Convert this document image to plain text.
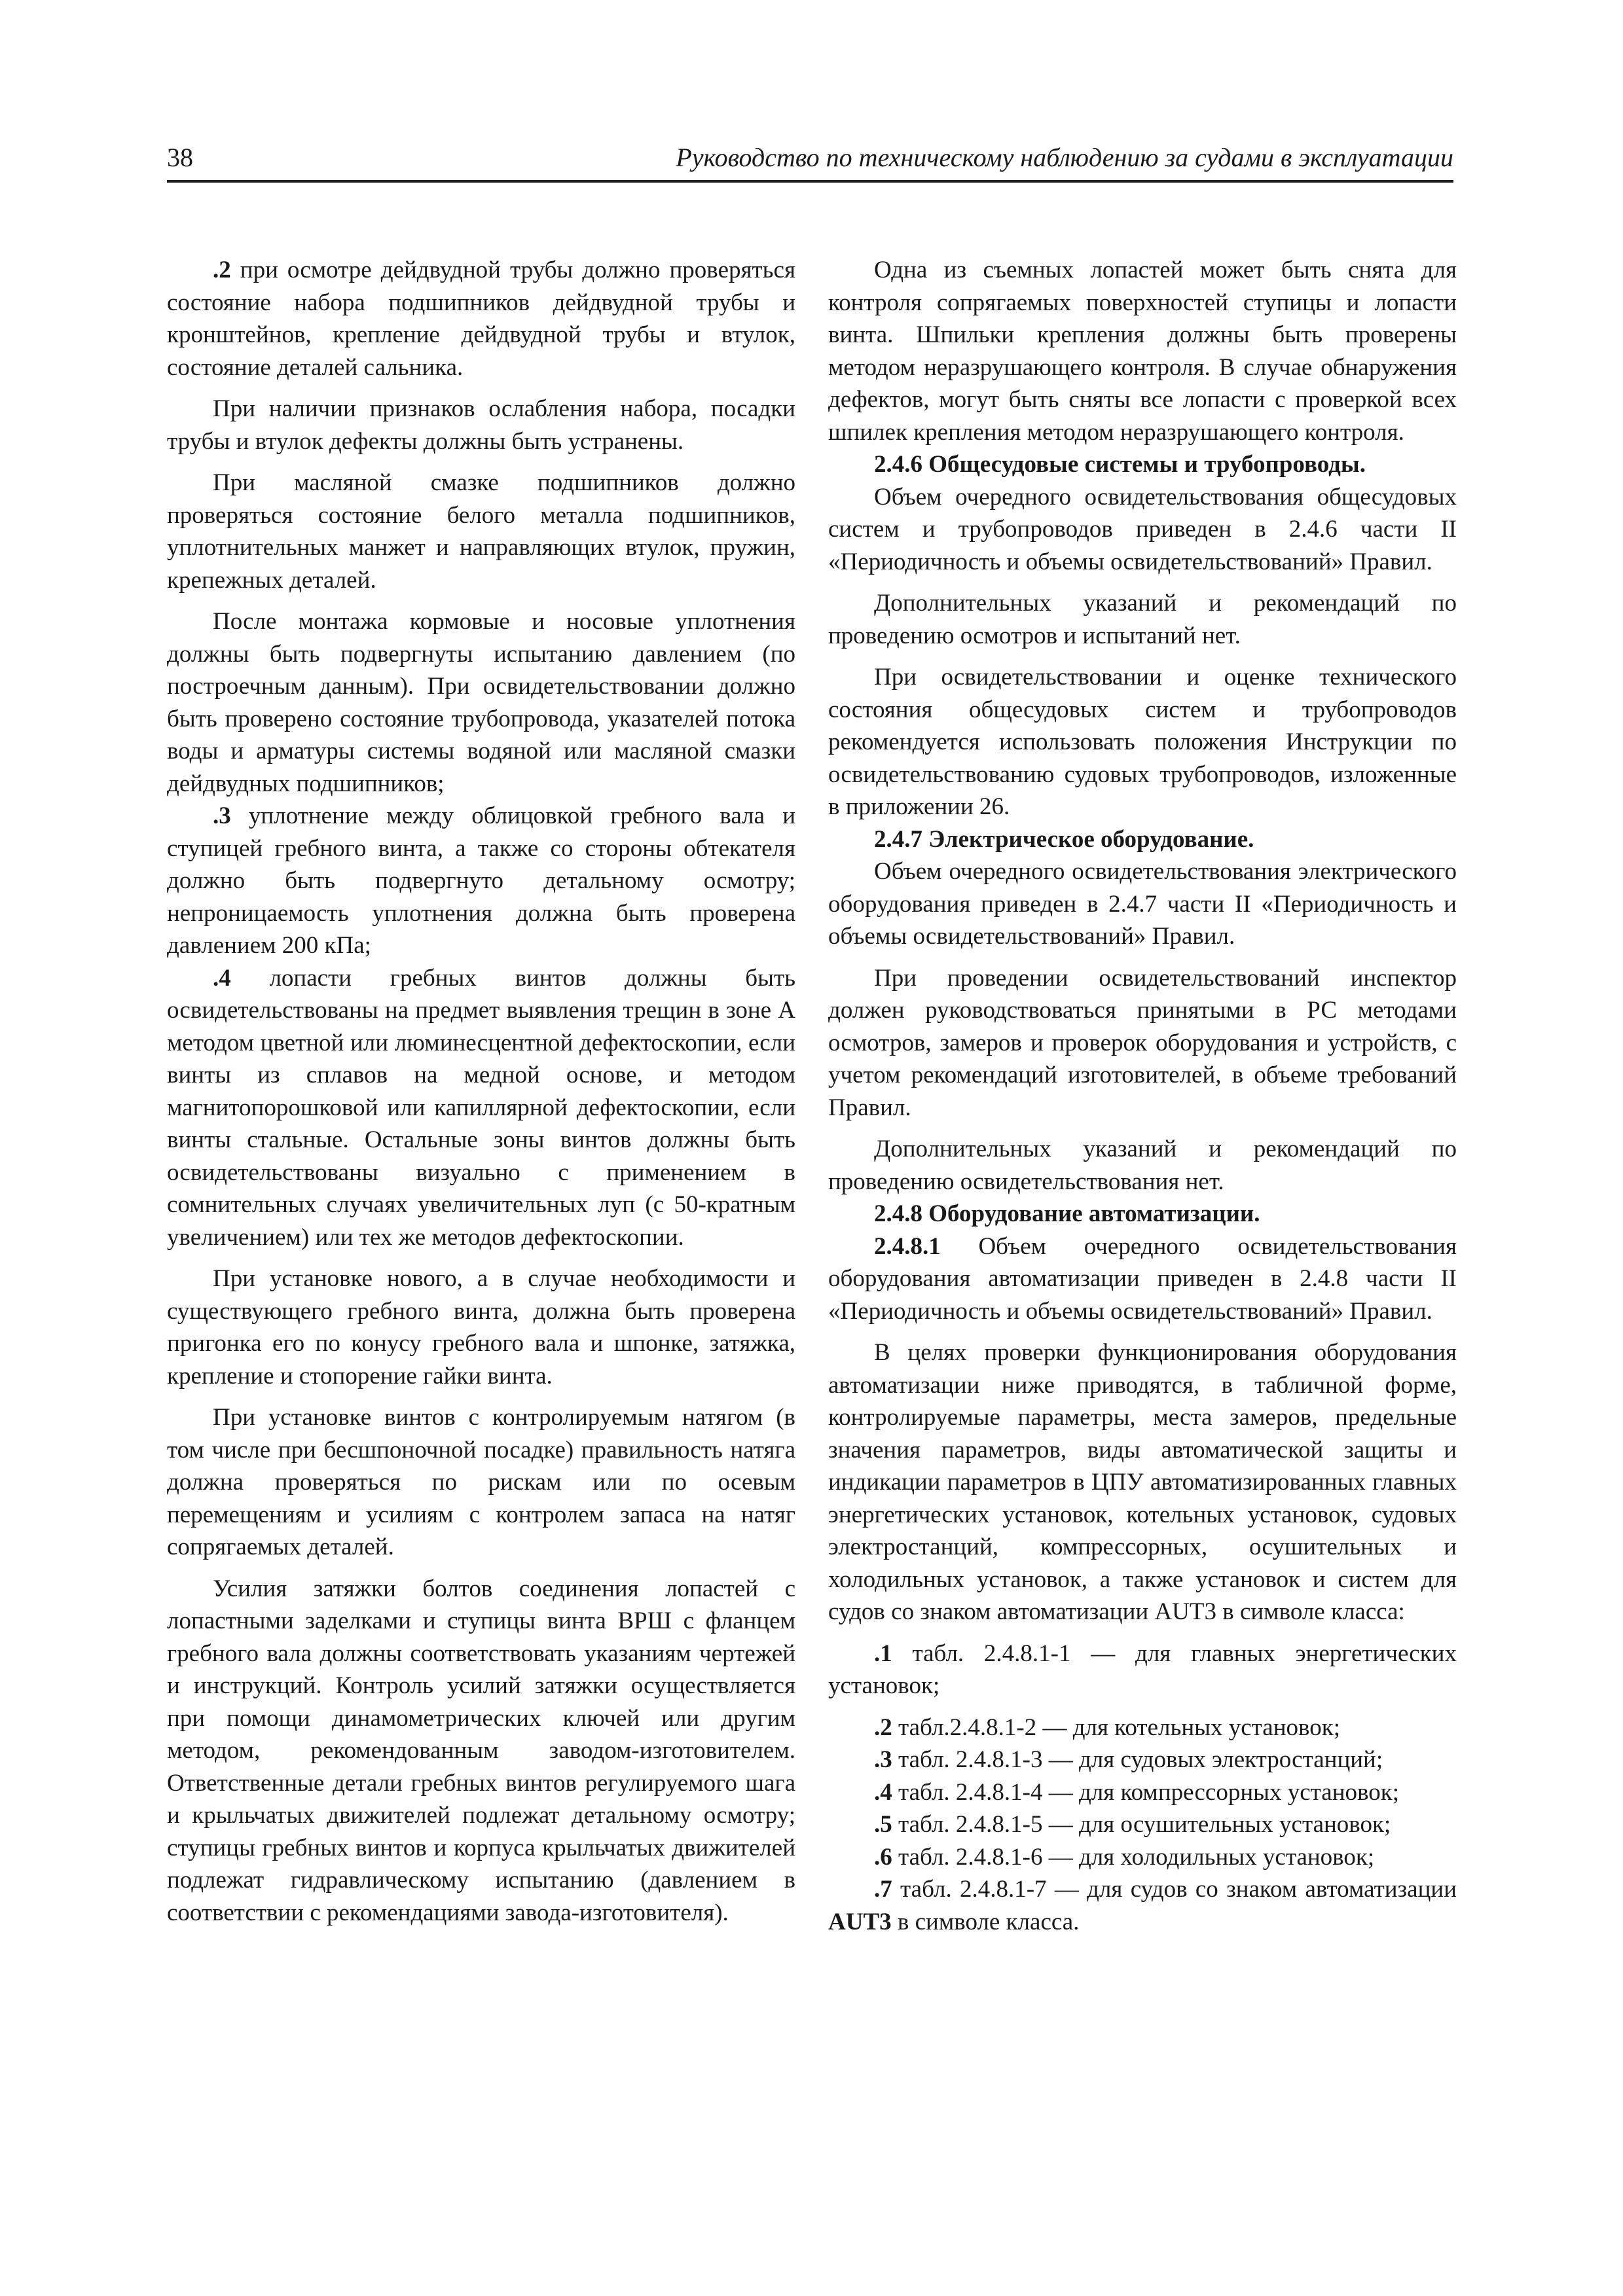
38	Руководство по техническому наблюдению за судами в эксплуатации

.2 при осмотре дейдвудной трубы должно проверяться состояние набора подшипников дейдвудной трубы и кронштейнов, крепление дейдвудной трубы и втулок, состояние деталей сальника.

При наличии признаков ослабления набора, посадки трубы и втулок дефекты должны быть устранены.

При масляной смазке подшипников должно проверяться состояние белого металла подшипников, уплотнительных манжет и направляющих втулок, пружин, крепежных деталей.

После монтажа кормовые и носовые уплотнения должны быть подвергнуты испытанию давлением (по построечным данным). При освидетельствовании должно быть проверено состояние трубопровода, указателей потока воды и арматуры системы водяной или масляной смазки дейдвудных подшипников;

.3 уплотнение между облицовкой гребного вала и ступицей гребного винта, а также со стороны обтекателя должно быть подвергнуто детальному осмотру; непроницаемость уплотнения должна быть проверена давлением 200 кПа;

.4 лопасти гребных винтов должны быть освидетельствованы на предмет выявления трещин в зоне А методом цветной или люминесцентной дефектоскопии, если винты из сплавов на медной основе, и методом магнитопорошковой или капиллярной дефектоскопии, если винты стальные. Остальные зоны винтов должны быть освидетельствованы визуально с применением в сомнительных случаях увеличительных луп (с 50-кратным увеличением) или тех же методов дефектоскопии.

При установке нового, а в случае необходимости и существующего гребного винта, должна быть проверена пригонка его по конусу гребного вала и шпонке, затяжка, крепление и стопорение гайки винта.

При установке винтов с контролируемым натягом (в том числе при бесшпоночной посадке) правильность натяга должна проверяться по рискам или по осевым перемещениям и усилиям с контролем запаса на натяг сопрягаемых деталей.

Усилия затяжки болтов соединения лопастей с лопастными заделками и ступицы винта ВРШ с фланцем гребного вала должны соответствовать указаниям чертежей и инструкций. Контроль усилий затяжки осуществляется при помощи динамометрических ключей или другим методом, рекомендованным заводом-изготовителем. Ответственные детали гребных винтов регулируемого шага и крыльчатых движителей подлежат детальному осмотру; ступицы гребных винтов и корпуса крыльчатых движителей подлежат гидравлическому испытанию (давлением в соответствии с рекомендациями завода-изготовителя).

Одна из съемных лопастей может быть снята для контроля сопрягаемых поверхностей ступицы и лопасти винта. Шпильки крепления должны быть проверены методом неразрушающего контроля. В случае обнаружения дефектов, могут быть сняты все лопасти с проверкой всех шпилек крепления методом неразрушающего контроля.

2.4.6 Общесудовые системы и трубопроводы.

Объем очередного освидетельствования общесудовых систем и трубопроводов приведен в 2.4.6 части II «Периодичность и объемы освидетельствований» Правил.

Дополнительных указаний и рекомендаций по проведению осмотров и испытаний нет.

При освидетельствовании и оценке технического состояния общесудовых систем и трубопроводов рекомендуется использовать положения Инструкции по освидетельствованию судовых трубопроводов, изложенные в приложении 26.

2.4.7 Электрическое оборудование.

Объем очередного освидетельствования электрического оборудования приведен в 2.4.7 части II «Периодичность и объемы освидетельствований» Правил.

При проведении освидетельствований инспектор должен руководствоваться принятыми в РС методами осмотров, замеров и проверок оборудования и устройств, с учетом рекомендаций изготовителей, в объеме требований Правил.

Дополнительных указаний и рекомендаций по проведению освидетельствования нет.

2.4.8 Оборудование автоматизации.

2.4.8.1 Объем очередного освидетельствования оборудования автоматизации приведен в 2.4.8 части II «Периодичность и объемы освидетельствований» Правил.

В целях проверки функционирования оборудования автоматизации ниже приводятся, в табличной форме, контролируемые параметры, места замеров, предельные значения параметров, виды автоматической защиты и индикации параметров в ЦПУ автоматизированных главных энергетических установок, котельных установок, судовых электростанций, компрессорных, осушительных и холодильных установок, а также установок и систем для судов со знаком автоматизации AUT3 в символе класса:

.1 табл. 2.4.8.1-1 — для главных энергетических установок;

.2 табл.2.4.8.1-2 — для котельных установок;

.3 табл. 2.4.8.1-3 — для судовых электростанций;

.4 табл. 2.4.8.1-4 — для компрессорных установок;

.5 табл. 2.4.8.1-5 — для осушительных установок;

.6 табл. 2.4.8.1-6 — для холодильных установок;

.7 табл. 2.4.8.1-7 — для судов со знаком автоматизации AUT3 в символе класса.
